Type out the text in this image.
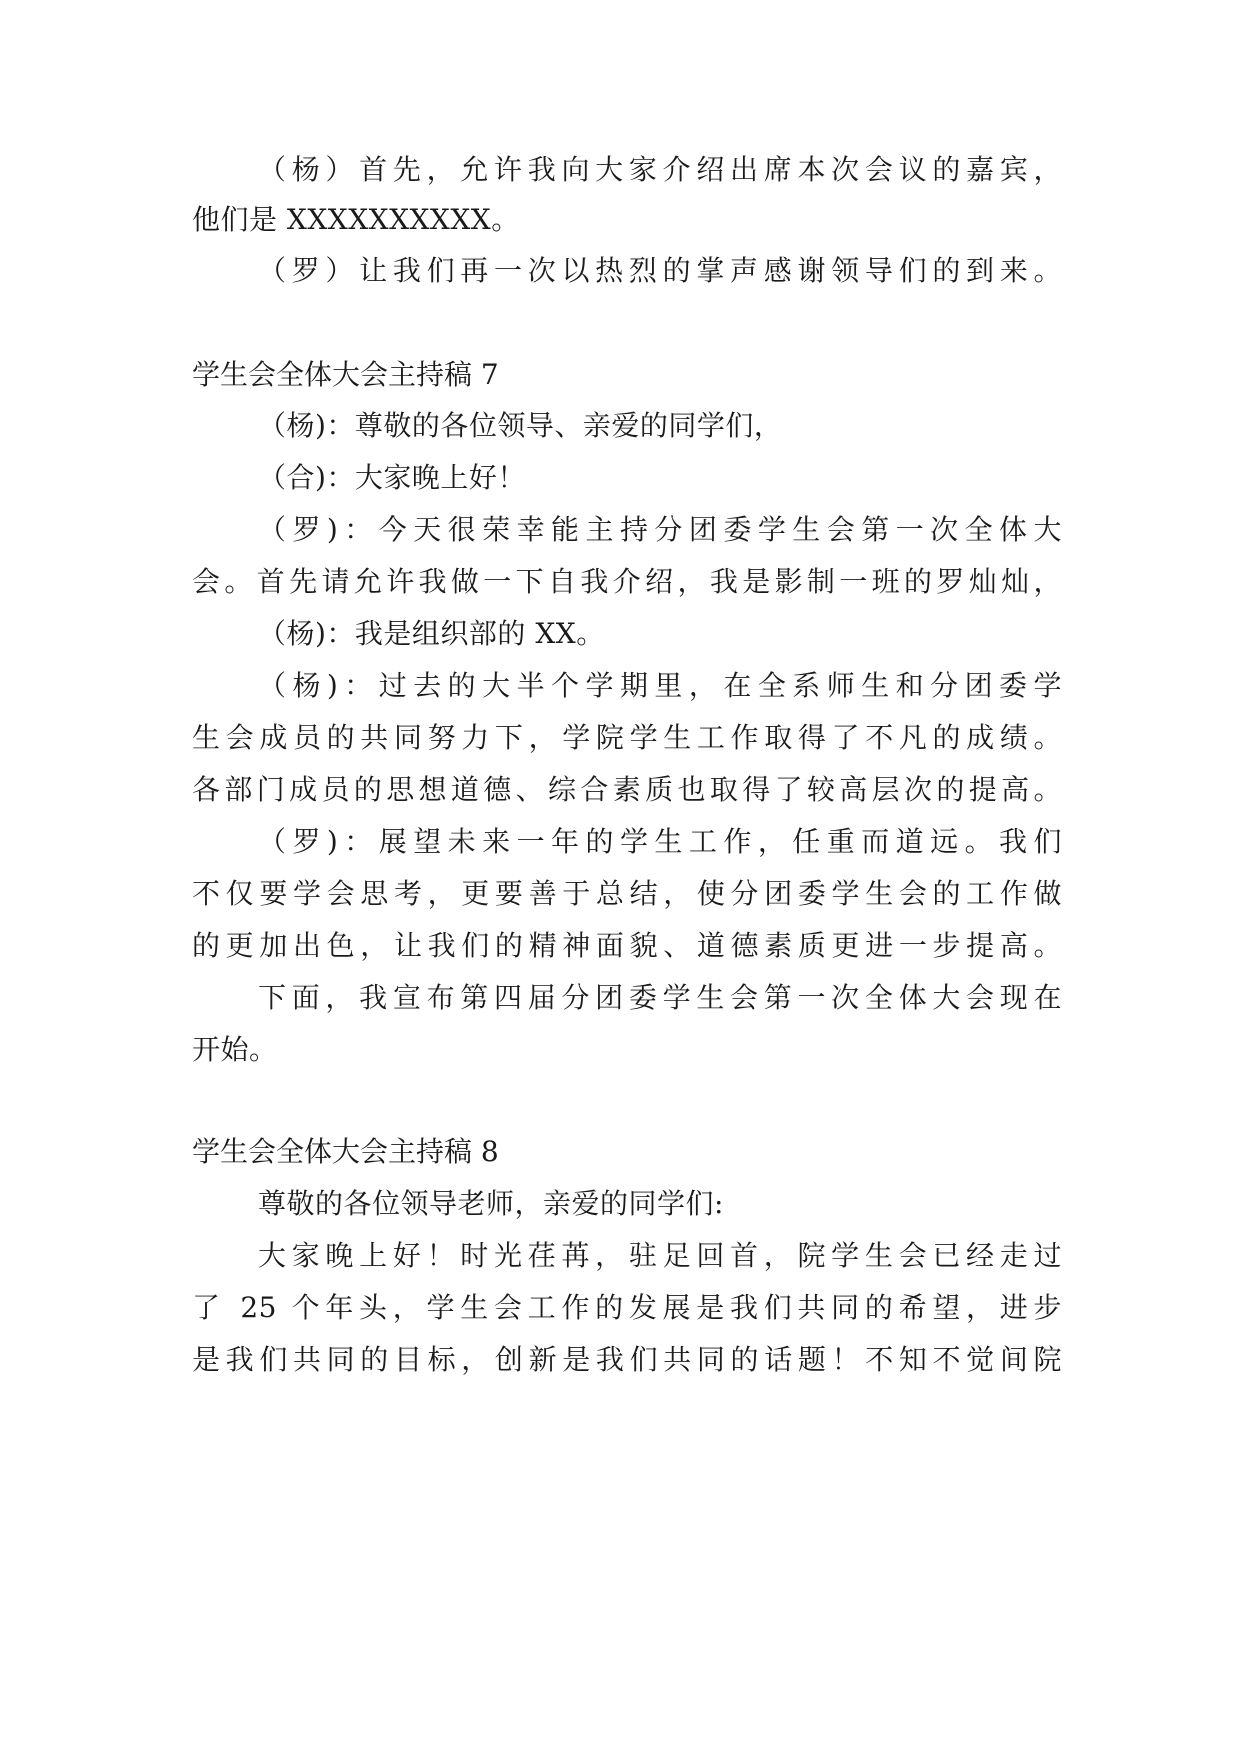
（杨）首先，允许我向大家介绍出席本次会议的嘉宾，
他们是 XXXXXXXXXX。
（罗）让我们再一次以热烈的掌声感谢领导们的到来。
学生会全体大会主持稿 7
（杨)：尊敬的各位领导、亲爱的同学们，
（合)：大家晚上好！
（罗)：今天很荣幸能主持分团委学生会第一次全体大
会。首先请允许我做一下自我介绍，我是影制一班的罗灿灿，
（杨)：我是组织部的 XX。
（杨)：过去的大半个学期里，在全系师生和分团委学
生会成员的共同努力下，学院学生工作取得了不凡的成绩。
各部门成员的思想道德、综合素质也取得了较高层次的提高。
（罗)：展望未来一年的学生工作，任重而道远。我们
不仅要学会思考，更要善于总结，使分团委学生会的工作做
的更加出色，让我们的精神面貌、道德素质更进一步提高。
下面，我宣布第四届分团委学生会第一次全体大会现在
开始。
学生会全体大会主持稿 8
尊敬的各位领导老师，亲爱的同学们:
大家晚上好！时光荏苒，驻足回首，院学生会已经走过
了 25 个年头，学生会工作的发展是我们共同的希望，进步
是我们共同的目标，创新是我们共同的话题！不知不觉间院
